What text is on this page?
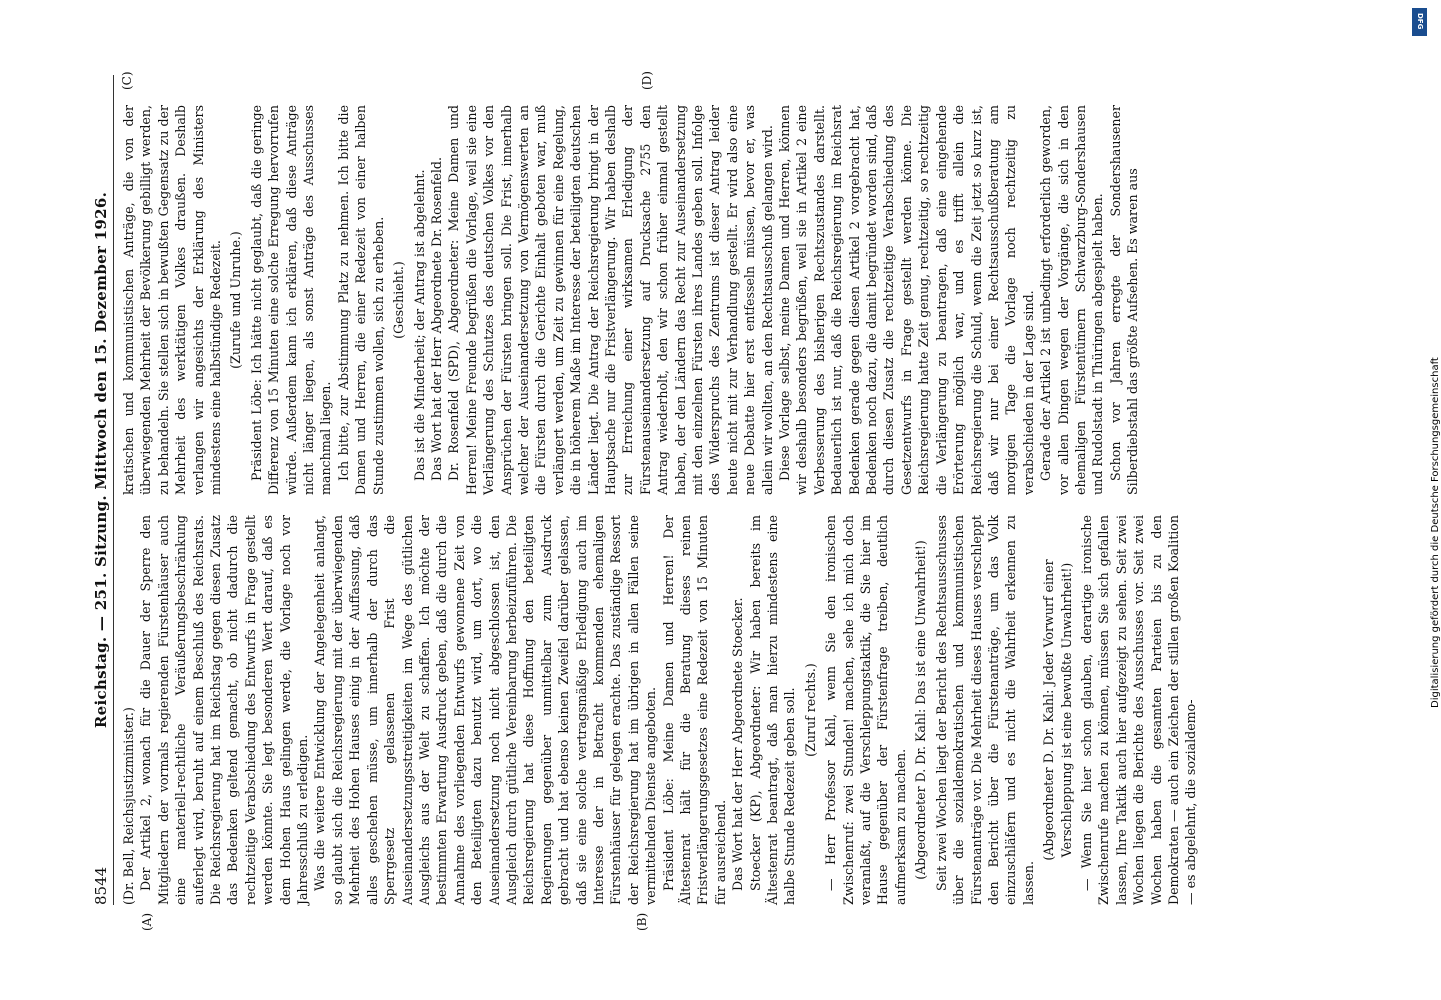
8544
Reichstag. — 251. Sitzung. Mittwoch den 15. Dezember 1926.
(A)	(B)
(C)	(D)

(Dr. Bell, Reichsjustizminister.) Der Artikel 2, wonach für die Dauer der Sperre den Mitgliedern der vormals regierenden Fürstenhäuser auch eine materiell-rechtliche Veräußerungsbeschränkung auferlegt wird, beruht auf einem Beschluß des Reichsrats. Die Reichsregierung hat im Reichstag gegen diesen Zusatz das Bedenken geltend gemacht, ob nicht dadurch die rechtzeitige Verabschiedung des Entwurfs in Frage gestellt werden könnte. Sie legt besonderen Wert darauf, daß es dem Hohen Haus gelingen werde, die Vorlage noch vor Jahresschluß zu erledigen. Was die weitere Entwicklung der Angelegenheit anlangt, so glaubt sich die Reichsregierung mit der überwiegenden Mehrheit des Hohen Hauses einig in der Auffassung, daß alles geschehen müsse, um innerhalb der durch das Sperrgesetz gelassenen Frist die Auseinandersetzungsstreitigkeiten im Wege des gütlichen Ausgleichs aus der Welt zu schaffen. Ich möchte der bestimmten Erwartung Ausdruck geben, daß die durch die Annahme des vorliegenden Entwurfs gewonnene Zeit von den Beteiligten dazu benutzt wird, um dort, wo die Auseinandersetzung noch nicht abgeschlossen ist, den Ausgleich durch gütliche Vereinbarung herbeizuführen. Die Reichsregierung hat diese Hoffnung den beteiligten Regierungen gegenüber unmittelbar zum Ausdruck gebracht und hat ebenso keinen Zweifel darüber gelassen, daß sie eine solche vertragsmäßige Erledigung auch im Interesse der in Betracht kommenden ehemaligen Fürstenhäuser für gelegen erachte. Das zuständige Ressort der Reichsregierung hat im übrigen in allen Fällen seine vermittelnden Dienste angeboten. Präsident Löbe: Meine Damen und Herren! Der Ältestenrat hält für die Beratung dieses reinen Fristverlängerungsgesetzes eine Redezeit von 15 Minuten für ausreichend. Das Wort hat der Herr Abgeordnete Stoecker. Stoecker (KP), Abgeordneter: Wir haben bereits im Ältestenrat beantragt, daß man hierzu mindestens eine halbe Stunde Redezeit geben soll. (Zuruf rechts.) — Herr Professor Kahl, wenn Sie den ironischen Zwischenruf: zwei Stunden! machen, sehe ich mich doch veranlaßt, auf die Verschleppungstaktik, die Sie hier im Hause gegenüber der Fürstenfrage treiben, deutlich aufmerksam zu machen. (Abgeordneter D. Dr. Kahl: Das ist eine Unwahrheit!) Seit zwei Wochen liegt der Bericht des Rechtsausschusses über die sozialdemokratischen und kommunistischen Fürstenanträge vor. Die Mehrheit dieses Hauses verschleppt den Bericht über die Fürstenanträge, um das Volk einzuschläfern und es nicht die Wahrheit erkennen zu lassen.

(Abgeordneter D. Dr. Kahl: Jeder Vorwurf einer Verschleppung ist eine bewußte Unwahrheit!) — Wenn Sie hier schon glauben, derartige ironische Zwischenrufe machen zu können, müssen Sie sich gefallen lassen, Ihre Taktik auch hier aufgezeigt zu sehen. Seit zwei Wochen liegen die Berichte des Ausschusses vor. Seit zwei Wochen haben die gesamten Parteien bis zu den Demokraten — auch ein Zeichen der stillen großen Koalition — es abgelehnt, die sozialdemo-

kratischen und kommunistischen Anträge, die von der überwiegenden Mehrheit der Bevölkerung gebilligt werden, zu behandeln. Sie stellen sich in bewußten Gegensatz zu der Mehrheit des werktätigen Volkes draußen. Deshalb verlangen wir angesichts der Erklärung des Ministers mindestens eine halbstündige Redezeit. (Zurufe und Unruhe.) Präsident Löbe: Ich hätte nicht geglaubt, daß die geringe Differenz von 15 Minuten eine solche Erregung hervorrufen würde. Außerdem kann ich erklären, daß diese Anträge nicht länger liegen, als sonst Anträge des Ausschusses manchmal liegen. Ich bitte, zur Abstimmung Platz zu nehmen. Ich bitte die Damen und Herren, die einer Redezeit von einer halben Stunde zustimmen wollen, sich zu erheben. (Geschieht.) Das ist die Minderheit; der Antrag ist abgelehnt. Das Wort hat der Herr Abgeordnete Dr. Rosenfeld. Dr. Rosenfeld (SPD), Abgeordneter: Meine Damen und Herren! Meine Freunde begrüßen die Vorlage, weil sie eine Verlängerung des Schutzes des deutschen Volkes vor den Ansprüchen der Fürsten bringen soll. Die Frist, innerhalb welcher der Auseinandersetzung von Vermögenswerten an die Fürsten durch die Gerichte Einhalt geboten war, muß verlängert werden, um Zeit zu gewinnen für eine Regelung, die in höherem Maße im Interesse der beteiligten deutschen Länder liegt. Die Antrag der Reichsregierung bringt in der Hauptsache nur die Fristverlängerung. Wir haben deshalb zur Erreichung einer wirksamen Erledigung der Fürstenauseinandersetzung auf Drucksache 2755 den Antrag wiederholt, den wir schon früher einmal gestellt haben, der den Ländern das Recht zur Auseinandersetzung mit den einzelnen Fürsten ihres Landes geben soll. Infolge des Widerspruchs des Zentrums ist dieser Antrag leider heute nicht mit zur Verhandlung gestellt. Er wird also eine neue Debatte hier erst entfesseln müssen, bevor er, was allein wir wollten, an den Rechtsausschuß gelangen wird. Diese Vorlage selbst, meine Damen und Herren, können wir deshalb besonders begrüßen, weil sie in Artikel 2 eine Verbesserung des bisherigen Rechtszustandes darstellt. Bedauerlich ist nur, daß die Reichsregierung im Reichsrat Bedenken gerade gegen diesen Artikel 2 vorgebracht hat, Bedenken noch dazu, die damit begründet worden sind, daß durch diesen Zusatz die rechtzeitige Verabschiedung des Gesetzentwurfs in Frage gestellt werden könne. Die Reichsregierung hatte Zeit genug, rechtzeitig, so rechtzeitig die Verlängerung zu beantragen, daß eine eingehende Erörterung möglich war, und es trifft allein die Reichsregierung die Schuld, wenn die Zeit jetzt so kurz ist, daß wir nur bei einer Rechtsausschußberatung am morgigen Tage die Vorlage noch rechtzeitig zu verabschieden in der Lage sind. Gerade der Artikel 2 ist unbedingt erforderlich geworden, vor allen Dingen wegen der Vorgänge, die sich in den ehemaligen Fürstentümern Schwarzburg-Sondershausen und Rudolstadt in Thüringen abgespielt haben. Schon vor Jahren erregte der Sondershausener Silberdiebstahl das größte Aufsehen. Es waren aus

DFG
Digitalisierung gefördert durch die Deutsche Forschungsgemeinschaft
